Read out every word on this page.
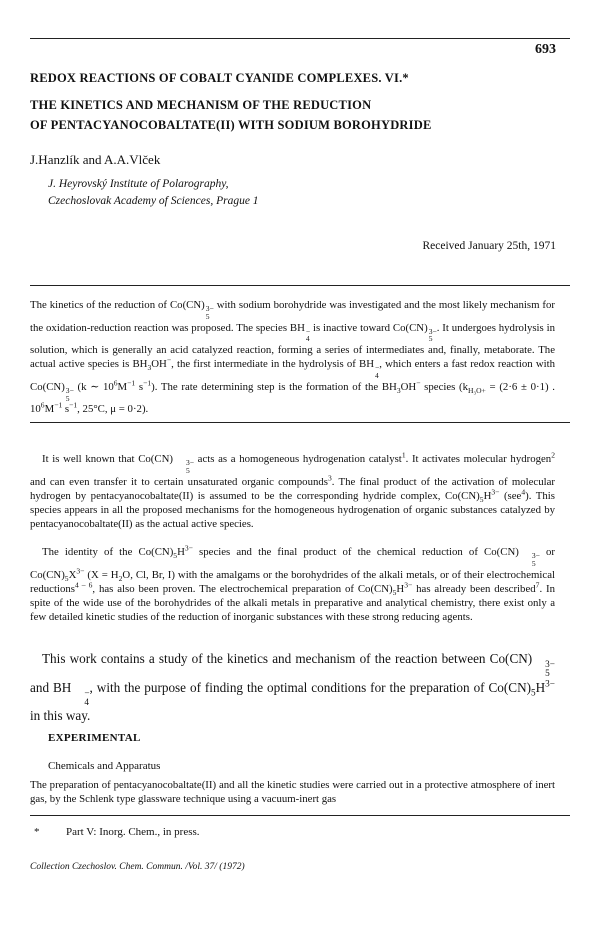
693
REDOX REACTIONS OF COBALT CYANIDE COMPLEXES. VI.*
THE KINETICS AND MECHANISM OF THE REDUCTION
OF PENTACYANOCOBALTATE(II) WITH SODIUM BOROHYDRIDE
J.Hanzlík and A.A.Vlček
J. Heyrovský Institute of Polarography,
Czechoslovak Academy of Sciences, Prague 1
Received January 25th, 1971

The kinetics of the reduction of Co(CN) 3−
5
with sodium borohydride was investigated and the most likely mechanism for the oxidation-reduction reaction was proposed. The species BH −
4
is inactive toward Co(CN) 3−
5
. It undergoes hydrolysis in solution, which is generally an acid catalyzed reaction, forming a series of intermediates and, finally, metaborate. The actual active species is $BH_3OH^-$, the first intermediate in the hydrolysis of BH −
4
, which enters a fast redox reaction with Co(CN) 3−
5
(k ∼ $10^6M^{-1}$ $s^{-1}$). The rate determining step is the formation of the $BH_3OH^-$ species ($k_{H_3O+} = (2\cdot 6 \pm 0\cdot 1)$ . $10^6M^{-1}$ $s^{-1}$, 25°C, μ = 0·2).

It is well known that Co(CN)	3−
5
acts as a homogeneous hydrogenation catalyst$^1$. It activates molecular hydrogen$^2$ and can even transfer it to certain unsaturated organic compounds$^3$. The final product of the activation of molecular hydrogen by pentacyanocobaltate(II) is assumed to be the corresponding hydride complex, $Co(CN)_5H^{3-}$ (see$^4$). This species appears in all the proposed mechanisms for the homogeneous hydrogenation of organic substances catalyzed by pentacyanocobaltate(II) as the actual active species.

The identity of the $Co(CN)_5H^{3-}$ species and the final product of the chemical reduction of Co(CN)	3−
5
or $Co(CN)_5X^{3-}$ ($X = H_2O$, Cl, Br, I) with the amalgams or the borohydrides of the alkali metals, or of their electrochemical reductions$^{4 - 6}$, has also been proven. The electrochemical preparation of $Co(CN)_5H^{3-}$ has already been described$^7$. In spite of the wide use of the borohydrides of the alkali metals in preparative and analytical chemistry, there exist only a few detailed kinetic studies of the reduction of inorganic substances with these strong reducing agents.

This work contains a study of the kinetics and mechanism of the reaction between Co(CN)	3−
5
and BH	−
4
, with the purpose of finding the optimal conditions for the preparation of $Co(CN)_5H^{3-}$ in this way.

EXPERIMENTAL
Chemicals and Apparatus

The preparation of pentacyanocobaltate(II) and all the kinetic studies were carried out in a protective atmosphere of inert gas, by the Schlenk type glassware technique using a vacuum-inert gas

* Part V: Inorg. Chem., in press.
Collection Czechoslov. Chem. Commun. /Vol. 37/ (1972)
